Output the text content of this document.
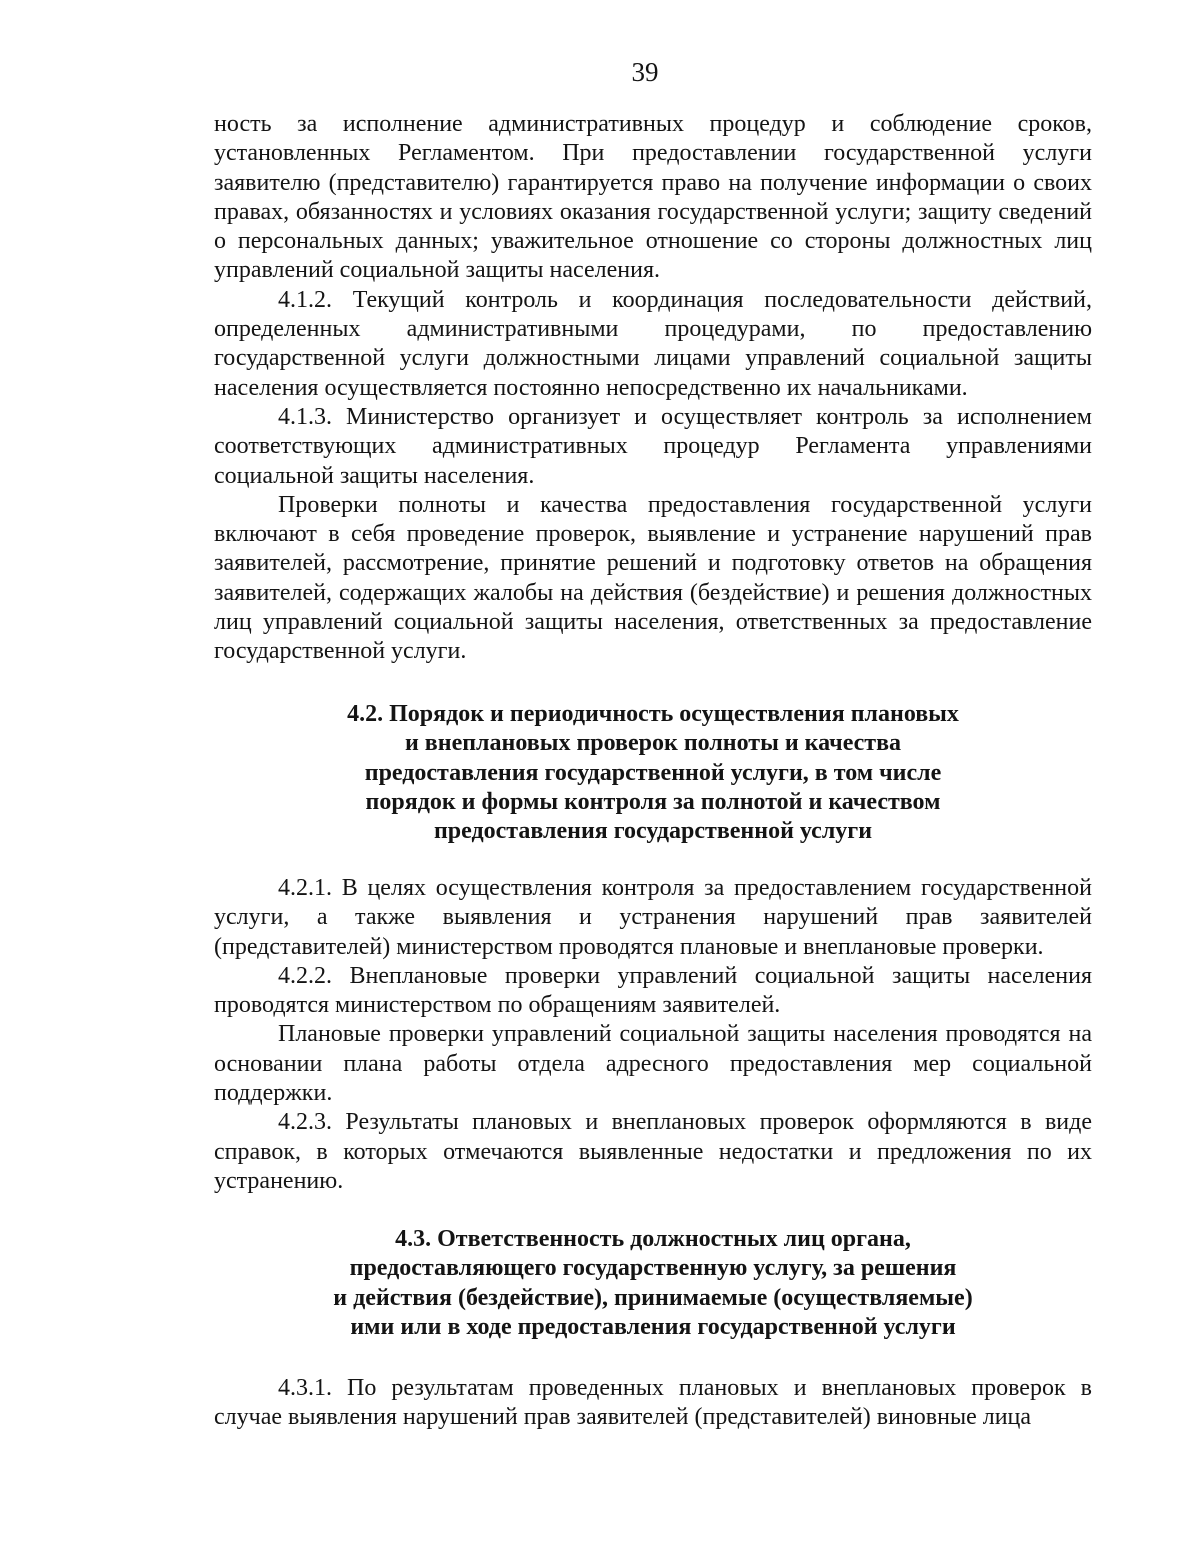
39

ность за исполнение административных процедур и соблюдение сроков, установленных Регламентом. При предоставлении государственной услуги заявителю (представителю) гарантируется право на получение информации о своих правах, обязанностях и условиях оказания государственной услуги; защиту сведений о персональных данных; уважительное отношение со стороны должностных лиц управлений социальной защиты населения.

4.1.2. Текущий контроль и координация последовательности действий, определенных административными процедурами, по предоставлению государственной услуги должностными лицами управлений социальной защиты населения осуществляется постоянно непосредственно их начальниками.

4.1.3. Министерство организует и осуществляет контроль за исполнением соответствующих административных процедур Регламента управлениями социальной защиты населения.

Проверки полноты и качества предоставления государственной услуги включают в себя проведение проверок, выявление и устранение нарушений прав заявителей, рассмотрение, принятие решений и подготовку ответов на обращения заявителей, содержащих жалобы на действия (бездействие) и решения должностных лиц управлений социальной защиты населения, ответственных за предоставление государственной услуги.

4.2. Порядок и периодичность осуществления плановых
и внеплановых проверок полноты и качества
предоставления государственной услуги, в том числе
порядок и формы контроля за полнотой и качеством
предоставления государственной услуги

4.2.1. В целях осуществления контроля за предоставлением государственной услуги, а также выявления и устранения нарушений прав заявителей (представителей) министерством проводятся плановые и внеплановые проверки.

4.2.2. Внеплановые проверки управлений социальной защиты населения проводятся министерством по обращениям заявителей.

Плановые проверки управлений социальной защиты населения проводятся на основании плана работы отдела адресного предоставления мер социальной поддержки.

4.2.3. Результаты плановых и внеплановых проверок оформляются в виде справок, в которых отмечаются выявленные недостатки и предложения по их устранению.

4.3. Ответственность должностных лиц органа,
предоставляющего государственную услугу, за решения
и действия (бездействие), принимаемые (осуществляемые)
ими или в ходе предоставления государственной услуги

4.3.1. По результатам проведенных плановых и внеплановых проверок в случае выявления нарушений прав заявителей (представителей) виновные лица
